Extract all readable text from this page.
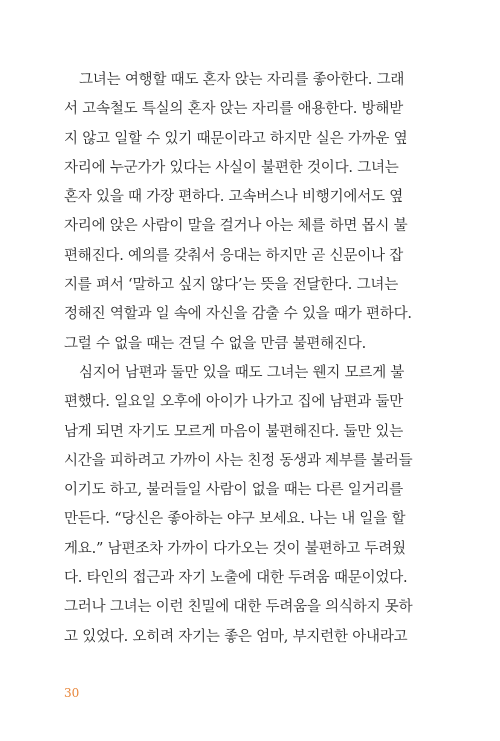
그녀는 여행할 때도 혼자 앉는 자리를 좋아한다. 그래
서 고속철도 특실의 혼자 앉는 자리를 애용한다. 방해받
지 않고 일할 수 있기 때문이라고 하지만 실은 가까운 옆
자리에 누군가가 있다는 사실이 불편한 것이다. 그녀는
혼자 있을 때 가장 편하다. 고속버스나 비행기에서도 옆
자리에 앉은 사람이 말을 걸거나 아는 체를 하면 몹시 불
편해진다. 예의를 갖춰서 응대는 하지만 곧 신문이나 잡
지를 펴서 ‘말하고 싶지 않다’는 뜻을 전달한다. 그녀는
정해진 역할과 일 속에 자신을 감출 수 있을 때가 편하다.
그럴 수 없을 때는 견딜 수 없을 만큼 불편해진다.
심지어 남편과 둘만 있을 때도 그녀는 웬지 모르게 불
편했다. 일요일 오후에 아이가 나가고 집에 남편과 둘만
남게 되면 자기도 모르게 마음이 불편해진다. 둘만 있는
시간을 피하려고 가까이 사는 친정 동생과 제부를 불러들
이기도 하고, 불러들일 사람이 없을 때는 다른 일거리를
만든다. “당신은 좋아하는 야구 보세요. 나는 내 일을 할
게요.” 남편조차 가까이 다가오는 것이 불편하고 두려웠
다. 타인의 접근과 자기 노출에 대한 두려움 때문이었다.
그러나 그녀는 이런 친밀에 대한 두려움을 의식하지 못하
고 있었다. 오히려 자기는 좋은 엄마, 부지런한 아내라고
30
